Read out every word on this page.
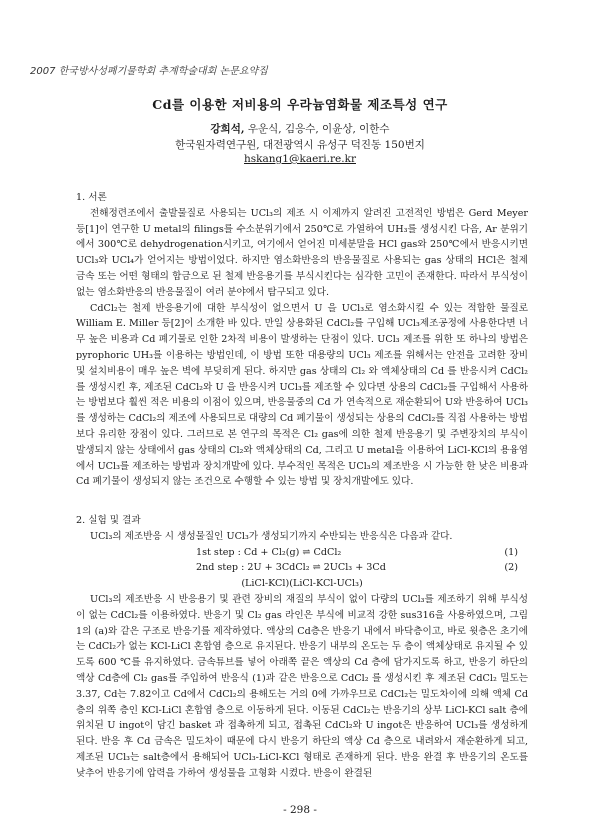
2007 한국방사성폐기물학회 추계학술대회 논문요약집
Cd를 이용한 저비용의 우라늄염화물 제조특성 연구
강희석, 우운식, 김응수, 이윤상, 이한수
한국원자력연구원, 대전광역시 유성구 덕진동 150번지
hskang1@kaeri.re.kr

1. 서론

전해정련조에서 출발물질로 사용되는 UCl₃의 제조 시 이제까지 알려진 고전적인 방법은 Gerd Meyer 등[1]이 연구한 U metal의 filings를 수소분위기에서 250℃로 가열하여 UH₃를 생성시킨 다음, Ar 분위기에서 300℃로 dehydrogenation시키고, 여기에서 얻어진 미세분말을 HCl gas와 250℃에서 반응시키면 UCl₃와 UCl₄가 얻어지는 방법이었다. 하지만 염소화반응의 반응물질로 사용되는 gas 상태의 HCl은 철제 금속 또는 어떤 형태의 합금으로 된 철제 반응용기를 부식시킨다는 심각한 고민이 존재한다. 따라서 부식성이 없는 염소화반응의 반응물질이 여러 분야에서 탐구되고 있다.

CdCl₂는 철제 반응용기에 대한 부식성이 없으면서 U 을 UCl₃로 염소화시킬 수 있는 적합한 물질로 William E. Miller 등[2]이 소개한 바 있다. 만일 상용화된 CdCl₂를 구입해 UCl₃제조공정에 사용한다면 너무 높은 비용과 Cd 폐기물로 인한 2차적 비용이 발생하는 단점이 있다. UCl₃ 제조를 위한 또 하나의 방법은 pyrophoric UH₃를 이용하는 방법인데, 이 방법 또한 대용량의 UCl₃ 제조를 위해서는 안전을 고려한 장비 및 설치비용이 매우 높은 벽에 부딪히게 된다. 하지만 gas 상태의 Cl₂ 와 액체상태의 Cd 를 반응시켜 CdCl₂를 생성시킨 후, 제조된 CdCl₂와 U 을 반응시켜 UCl₃를 제조할 수 있다면 상용의 CdCl₂를 구입해서 사용하는 방법보다 훨씬 적은 비용의 이점이 있으며, 반응물중의 Cd 가 연속적으로 재순환되어 U와 반응하여 UCl₃를 생성하는 CdCl₂의 제조에 사용되므로 대량의 Cd 폐기물이 생성되는 상용의 CdCl₂를 직접 사용하는 방법보다 유리한 장점이 있다. 그러므로 본 연구의 목적은 Cl₂ gas에 의한 철제 반응용기 및 주변장치의 부식이 발생되지 않는 상태에서 gas 상태의 Cl₂와 액체상태의 Cd, 그리고 U metal을 이용하여 LiCl-KCl의 용융염에서 UCl₃를 제조하는 방법과 장치개발에 있다. 부수적인 목적은 UCl₃의 제조반응 시 가능한 한 낮은 비용과 Cd 폐기물이 생성되지 않는 조건으로 수행할 수 있는 방법 및 장치개발에도 있다.

2. 실험 및 결과

UCl₃의 제조반응 시 생성물질인 UCl₃가 생성되기까지 수반되는 반응식은 다음과 같다.

1st step : Cd + Cl₂(g) ⇌ CdCl₂	(1)
2nd step : 2U + 3CdCl₂ ⇌ 2UCl₃ + 3Cd	(2)
(LiCl-KCl)(LiCl-KCl-UCl₃)

UCl₃의 제조반응 시 반응용기 및 관련 장비의 재질의 부식이 없이 다량의 UCl₃를 제조하기 위해 부식성이 없는 CdCl₂를 이용하였다. 반응기 및 Cl₂ gas 라인은 부식에 비교적 강한 sus316을 사용하였으며, 그림 1의 (a)와 같은 구조로 반응기를 제작하였다. 액상의 Cd층은 반응기 내에서 바닥층이고, 바로 윗층은 초기에는 CdCl₂가 없는 KCl-LiCl 혼합염 층으로 유지된다. 반응기 내부의 온도는 두 층이 액체상태로 유지될 수 있도록 600 ℃를 유지하였다. 금속튜브를 넣어 아래쪽 끝은 액상의 Cd 층에 담가지도록 하고, 반응기 하단의 액상 Cd층에 Cl₂ gas를 주입하여 반응식 (1)과 같은 반응으로 CdCl₂ 를 생성시킨 후 제조된 CdCl₂ 밀도는 3.37, Cd는 7.82이고 Cd에서 CdCl₂의 용해도는 거의 0에 가까우므로 CdCl₂는 밀도차이에 의해 액체 Cd층의 위쪽 층인 KCl-LiCl 혼합염 층으로 이동하게 된다. 이동된 CdCl₂는 반응기의 상부 LiCl-KCl salt 층에 위치된 U ingot이 담긴 basket 과 접촉하게 되고, 접촉된 CdCl₂와 U ingot은 반응하여 UCl₃를 생성하게 된다. 반응 후 Cd 금속은 밀도차이 때문에 다시 반응기 하단의 액상 Cd 층으로 내려와서 재순환하게 되고, 제조된 UCl₃는 salt층에서 용해되어 UCl₃-LiCl-KCl 형태로 존재하게 된다. 반응 완결 후 반응기의 온도를 낮추어 반응기에 압력을 가하여 생성물을 고형화 시켰다. 반응이 완결된

- 298 -
